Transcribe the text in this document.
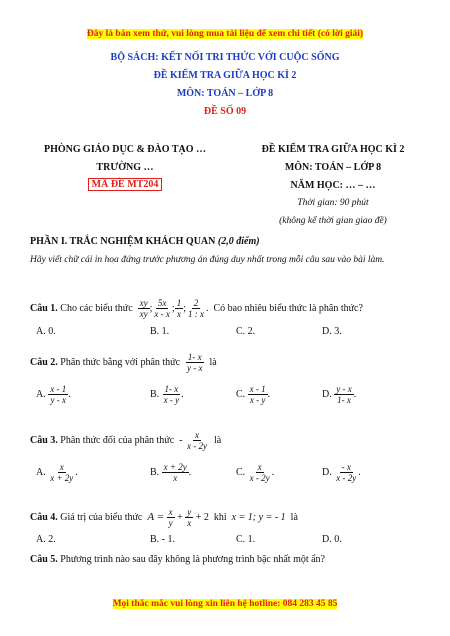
Đây là bản xem thử, vui lòng mua tài liệu để xem chi tiết (có lời giải)
BỘ SÁCH: KẾT NỐI TRI THỨC VỚI CUỘC SỐNG
ĐỀ KIỂM TRA GIỮA HỌC KÌ 2
MÔN: TOÁN – LỚP 8
ĐỀ SỐ 09
PHÒNG GIÁO DỤC & ĐÀO TẠO …
TRƯỜNG …
MÃ ĐỀ MT204
ĐỀ KIỂM TRA GIỮA HỌC KÌ 2
MÔN: TOÁN – LỚP 8
NĂM HỌC: … – …
Thời gian: 90 phút
(không kể thời gian giao đề)
PHẦN I. TRẮC NGHIỆM KHÁCH QUAN (2,0 điểm)
Hãy viết chữ cái in hoa đứng trước phương án đúng duy nhất trong mỗi câu sau vào bài làm.
Câu 1.
Cho các biểu thức
$\frac{xy}{xy}$ ; $\frac{5x}{x - x}$ ; $\frac{1}{x}$ ; $\frac{2}{1 : x}$ . Có bao nhiêu biểu thức là phân thức?
A. 0.	B. 1.	C. 2.	D. 3.
Câu 2.
Phân thức bằng với phân thức
$\frac{1- x}{y - x}$
là
A.
$\frac{x - 1}{y - x}$ .	B.
$\frac{1- x}{x - y}$ .	C.
$\frac{x - 1}{x - y}$ .	D.
$\frac{y - x}{1- x}$ .
Câu 3.
Phân thức đối của phân thức
-
$\frac{x}{x - 2y}$
là
A.
$\frac{x}{x + 2y}$ .	B.
$\frac{x + 2y}{x}$ .	C.
$\frac{x}{x - 2y}$ .	D.
$\frac{- x}{x - 2y}$ .
Câu 4.
Giá trị của biểu thức
A =
$\frac{x}{y}$
+
$\frac{y}{x}$
+ 2
khi
x = 1; y = - 1
là
A. 2.	B. - 1.	C. 1.	D. 0.
Câu 5. Phương trình nào sau đây không là phương trình bậc nhất một ẩn?
Mọi thắc mắc vui lòng xin liên hệ hotline: 084 283 45 85
